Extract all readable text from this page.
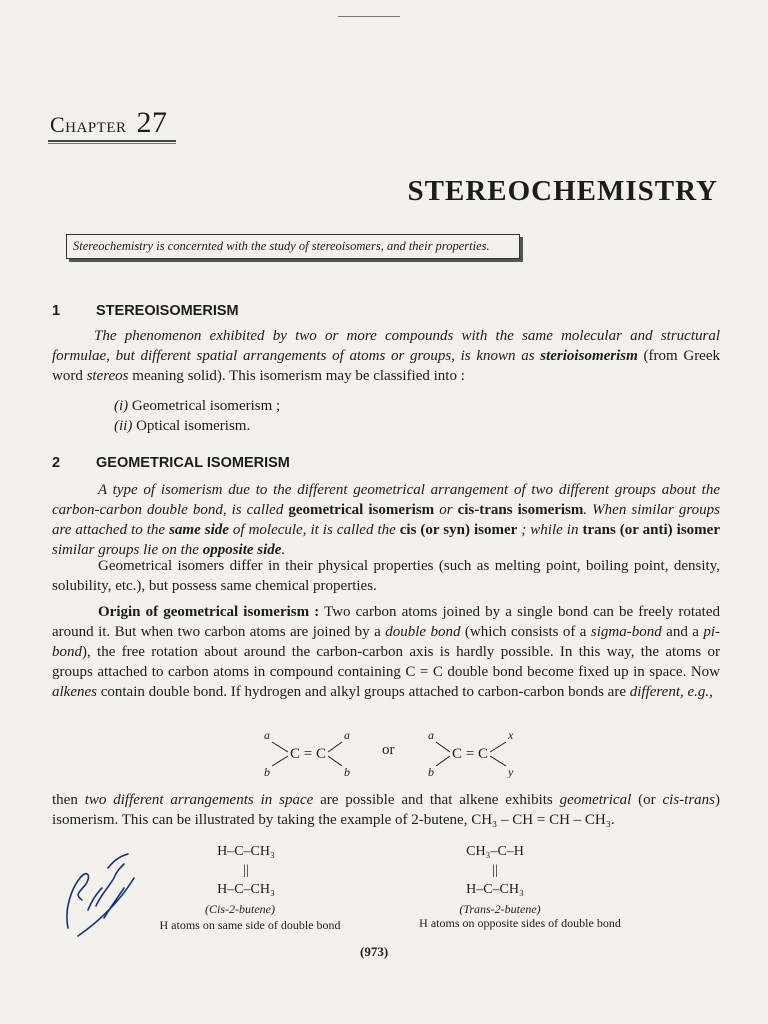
Chapter 27
STEREOCHEMISTRY
Stereochemistry is concernted with the study of stereoisomers, and their properties.
1 STEREOISOMERISM
The phenomenon exhibited by two or more compounds with the same molecular and structural formulae, but different spatial arrangements of atoms or groups, is known as sterioisomerism (from Greek word stereos meaning solid). This isomerism may be classified into :
(i) Geometrical isomerism ;
(ii) Optical isomerism.
2 GEOMETRICAL ISOMERISM
A type of isomerism due to the different geometrical arrangement of two different groups about the carbon-carbon double bond, is called geometrical isomerism or cis-trans isomerism. When similar groups are attached to the same side of molecule, it is called the cis (or syn) isomer ; while in trans (or anti) isomer similar groups lie on the opposite side.
Geometrical isomers differ in their physical properties (such as melting point, boiling point, density, solubility, etc.), but possess same chemical properties.
Origin of geometrical isomerism : Two carbon atoms joined by a single bond can be freely rotated around it. But when two carbon atoms are joined by a double bond (which consists of a sigma-bond and a pi-bond), the free rotation about around the carbon-carbon axis is hardly possible. In this way, the atoms or groups attached to carbon atoms in compound containing C = C double bond become fixed up in space. Now alkenes contain double bond. If hydrogen and alkyl groups attached to carbon-carbon bonds are different, e.g.,
a
b
a
b
a
b
x
y
C = C	C = C
or
then two different arrangements in space are possible and that alkene exhibits geometrical (or cis-trans) isomerism. This can be illustrated by taking the example of 2-butene, CH₃ – CH = CH – CH₃.
H–C–CH₃
||
H–C–CH₃
CH₃–C–H
||
H–C–CH₃
(Cis-2-butene)
H atoms on same side of double bond
(Trans-2-butene)
H atoms on opposite sides of double bond
(973)
